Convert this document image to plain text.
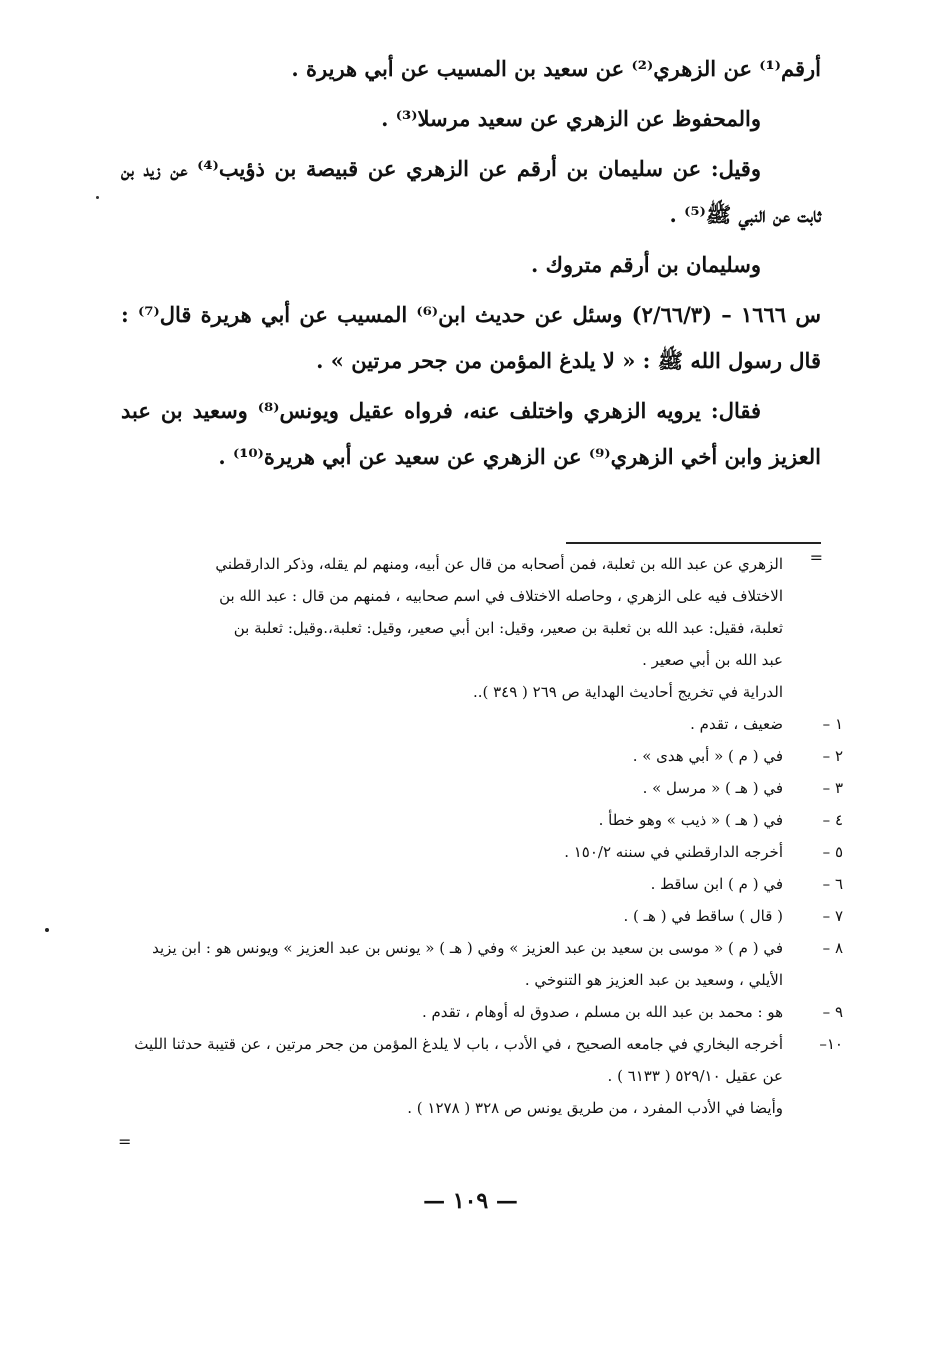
أرقم⁽¹⁾ عن الزهري⁽²⁾ عن سعيد بن المسيب عن أبي هريرة .

والمحفوظ عن الزهري عن سعيد مرسلا⁽³⁾ .

وقيل: عن سليمان بن أرقم عن الزهري عن قبيصة بن ذؤيب⁽⁴⁾ عن زيد بن ثابت عن النبي ﷺ⁽⁵⁾ .

وسليمان بن أرقم متروك .

س ١٦٦٦ – (٢/٦٦/٣) وسئل عن حديث ابن⁽⁶⁾ المسيب عن أبي هريرة قال⁽⁷⁾ : قال رسول الله ﷺ : « لا يلدغ المؤمن من جحر مرتين » .

فقال: يرويه الزهري واختلف عنه، فرواه عقيل ويونس⁽⁸⁾ وسعيد بن عبد العزيز وابن أخي الزهري⁽⁹⁾ عن الزهري عن سعيد عن أبي هريرة⁽¹⁰⁾ .

=

الزهري عن عبد الله بن ثعلبة، فمن أصحابه من قال عن أبيه، ومنهم لم يقله، وذكر الدارقطني

الاختلاف فيه على الزهري ، وحاصله الاختلاف في اسم صحابيه ، فمنهم من قال : عبد الله بن

ثعلبة، فقيل: عبد الله بن ثعلبة بن صعير، وقيل: ابن أبي صعير، وقيل: ثعلبة،.وقيل: ثعلبة بن

عبد الله بن أبي صعير .

الدراية في تخريج أحاديث الهداية ص ٢٦٩ ( ٣٤٩ )..

١ –
ضعيف ، تقدم .

٢ –
في ( م ) « أبي هدى » .

٣ –
في ( هـ ) « مرسل » .

٤ –
في ( هـ ) « ذيب » وهو خطأ .

٥ –
أخرجه الدارقطني في سننه ١٥٠/٢ .

٦ –
في ( م ) ابن ساقط .

٧ –
( قال ) ساقط في ( هـ ) .

٨ –
في ( م ) « موسى بن سعيد بن عبد العزيز » وفي ( هـ ) « يونس بن عبد العزيز » ويونس هو : ابن يزيد الأيلي ، وسعيد بن عبد العزيز هو التنوخي .

٩ –
هو : محمد بن عبد الله بن مسلم ، صدوق له أوهام ، تقدم .

١٠–
أخرجه البخاري في جامعه الصحيح ، في الأدب ، باب لا يلدغ المؤمن من جحر مرتين ، عن قتيبة حدثنا الليث عن عقيل ٥٢٩/١٠ ( ٦١٣٣ ) .

وأيضا في الأدب المفرد ، من طريق يونس ص ٣٢٨ ( ١٢٧٨ ) .

=
— ١٠٩ —
